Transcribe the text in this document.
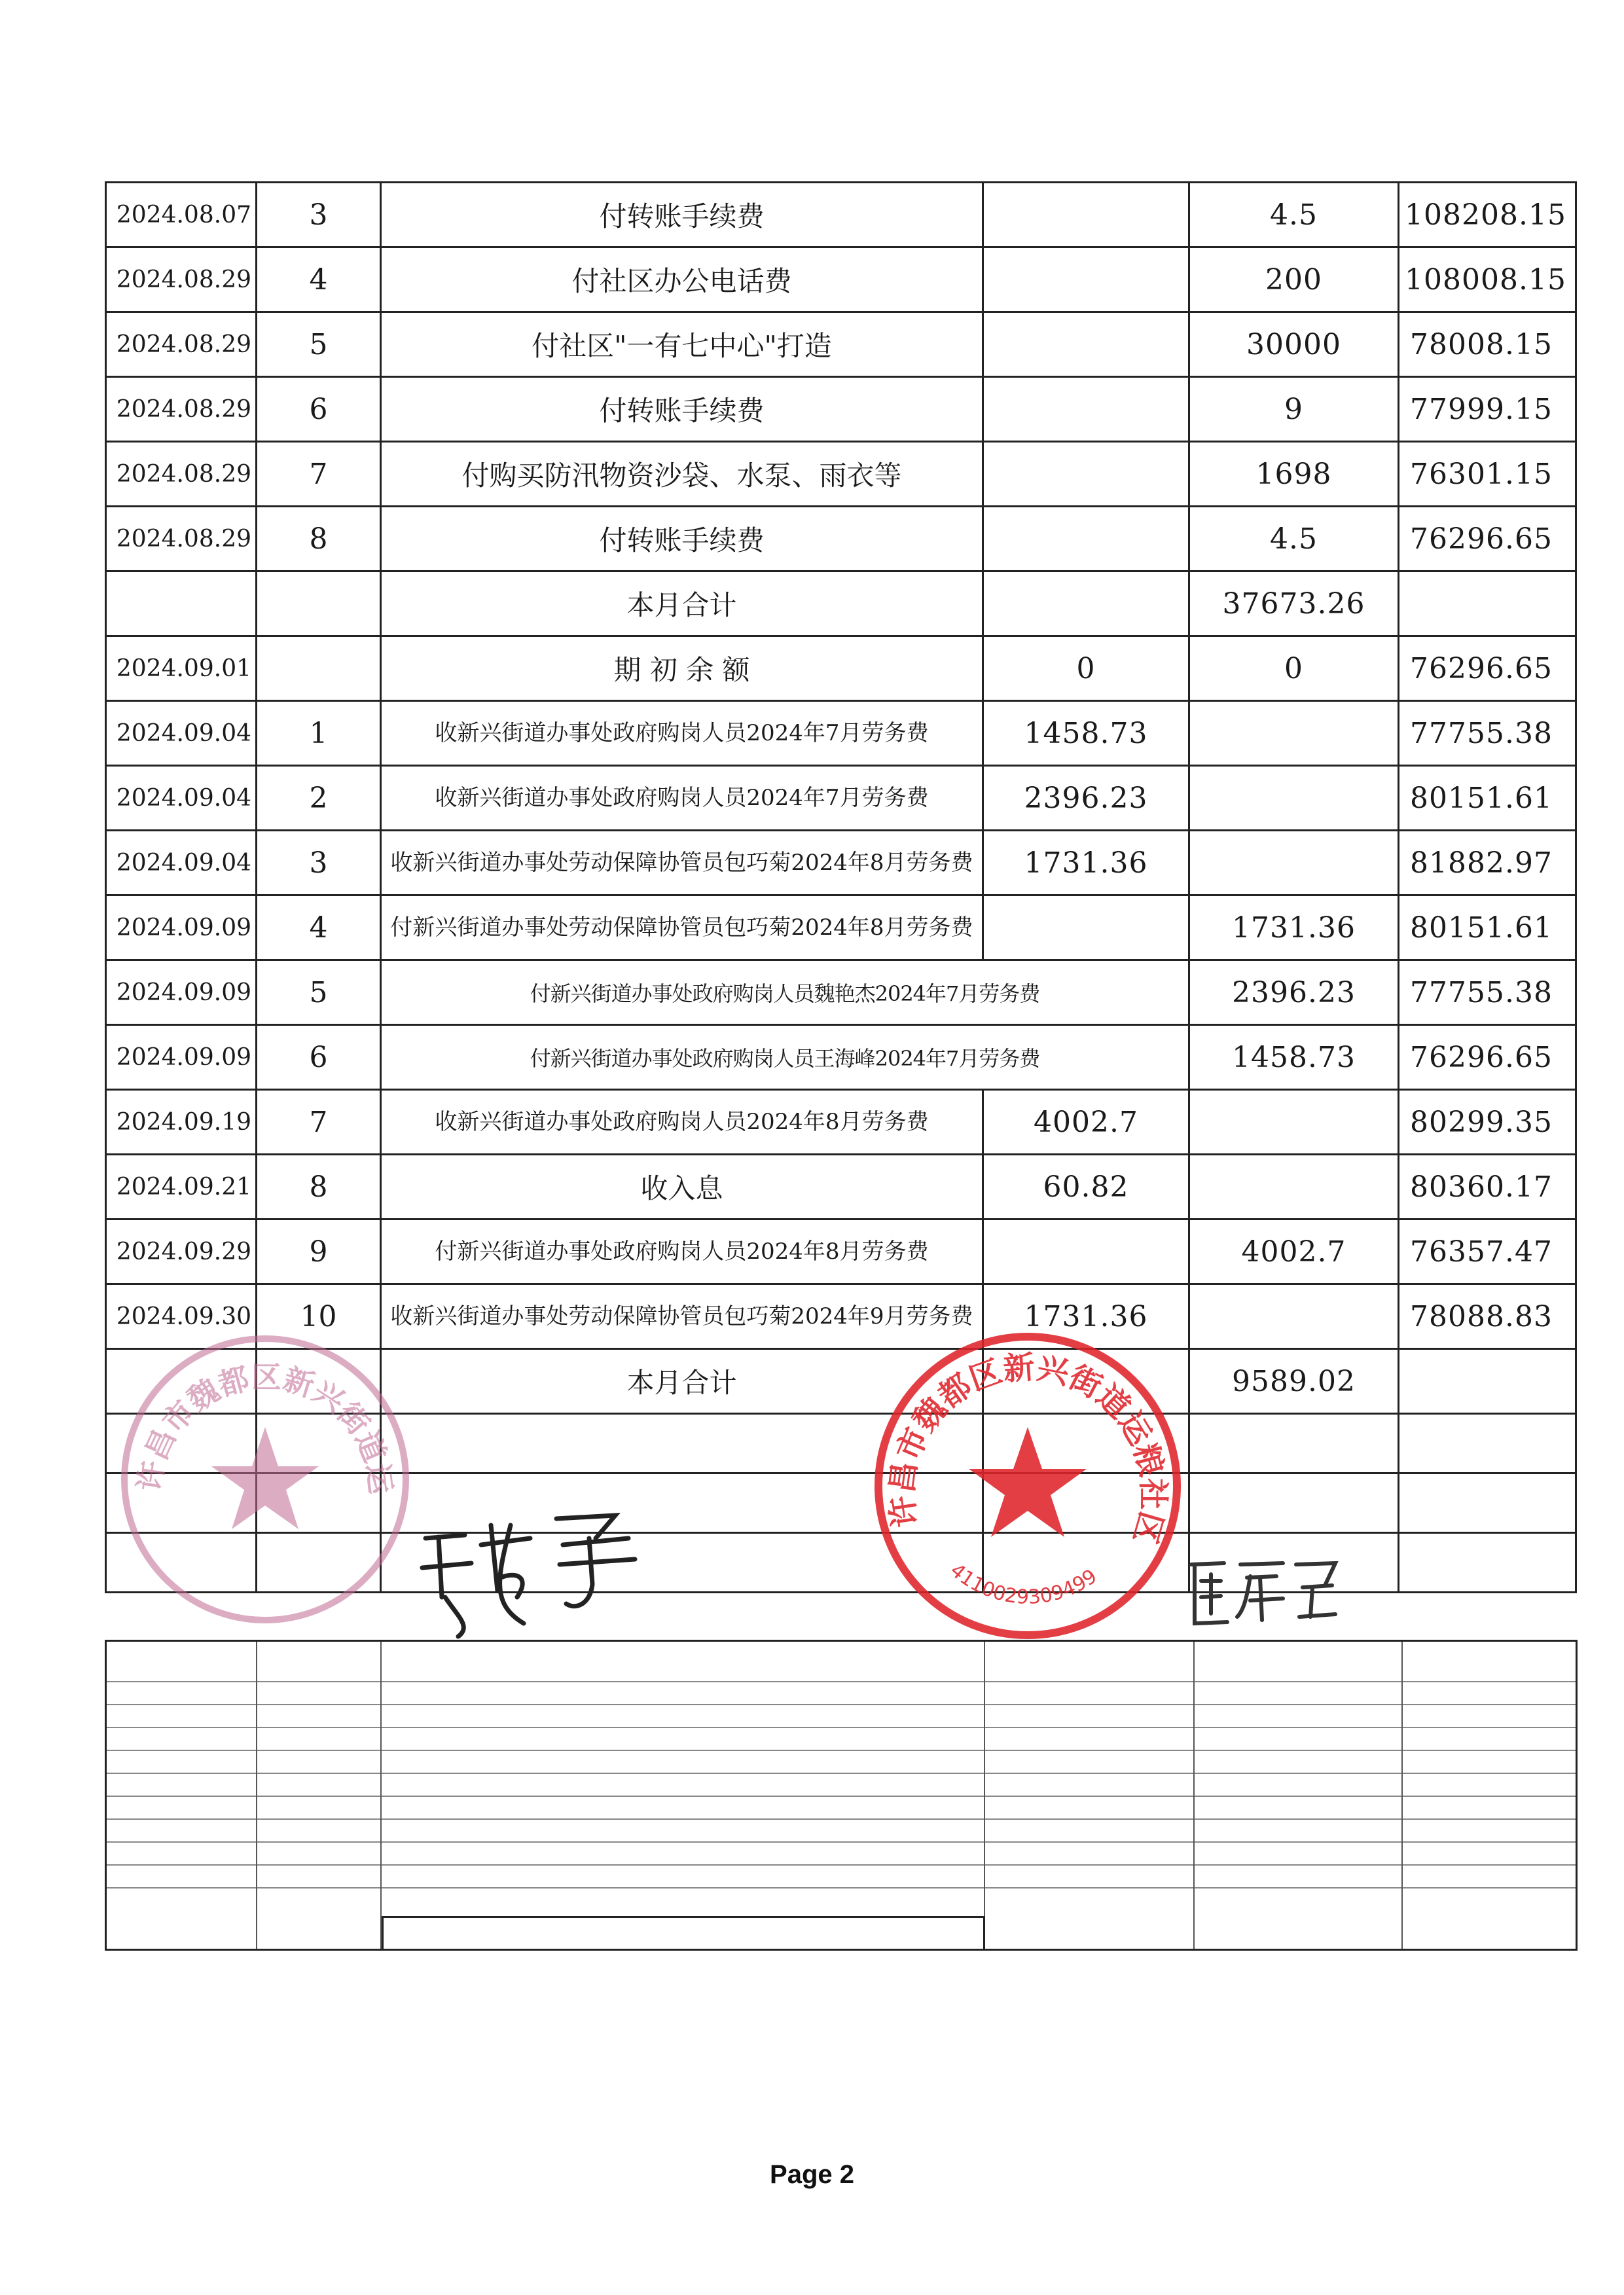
2024.08.07	3	付转账手续费		4.5	108208.15
2024.08.29	4	付社区办公电话费		200	108008.15
2024.08.29	5	付社区"一有七中心"打造		30000	78008.15
2024.08.29	6	付转账手续费		9	77999.15
2024.08.29	7	付购买防汛物资沙袋、水泵、雨衣等		1698	76301.15
2024.08.29	8	付转账手续费		4.5	76296.65
		本月合计		37673.26	
2024.09.01		期 初 余 额	0	0	76296.65
2024.09.04	1	收新兴街道办事处政府购岗人员2024年7月劳务费	1458.73		77755.38
2024.09.04	2	收新兴街道办事处政府购岗人员2024年7月劳务费	2396.23		80151.61
2024.09.04	3	收新兴街道办事处劳动保障协管员包巧菊2024年8月劳务费	1731.36		81882.97
2024.09.09	4	付新兴街道办事处劳动保障协管员包巧菊2024年8月劳务费		1731.36	80151.61
2024.09.09	5	付新兴街道办事处政府购岗人员魏艳杰2024年7月劳务费		2396.23	77755.38
2024.09.09	6	付新兴街道办事处政府购岗人员王海峰2024年7月劳务费		1458.73	76296.65
2024.09.19	7	收新兴街道办事处政府购岗人员2024年8月劳务费	4002.7		80299.35
2024.09.21	8	收入息	60.82		80360.17
2024.09.29	9	付新兴街道办事处政府购岗人员2024年8月劳务费		4002.7	76357.47
2024.09.30	10	收新兴街道办事处劳动保障协管员包巧菊2024年9月劳务费	1731.36		78088.83
		本月合计		9589.02	

许昌市魏都区新兴街道运
许昌市魏都区新兴街道运粮社区
4110029309499
Page 2
